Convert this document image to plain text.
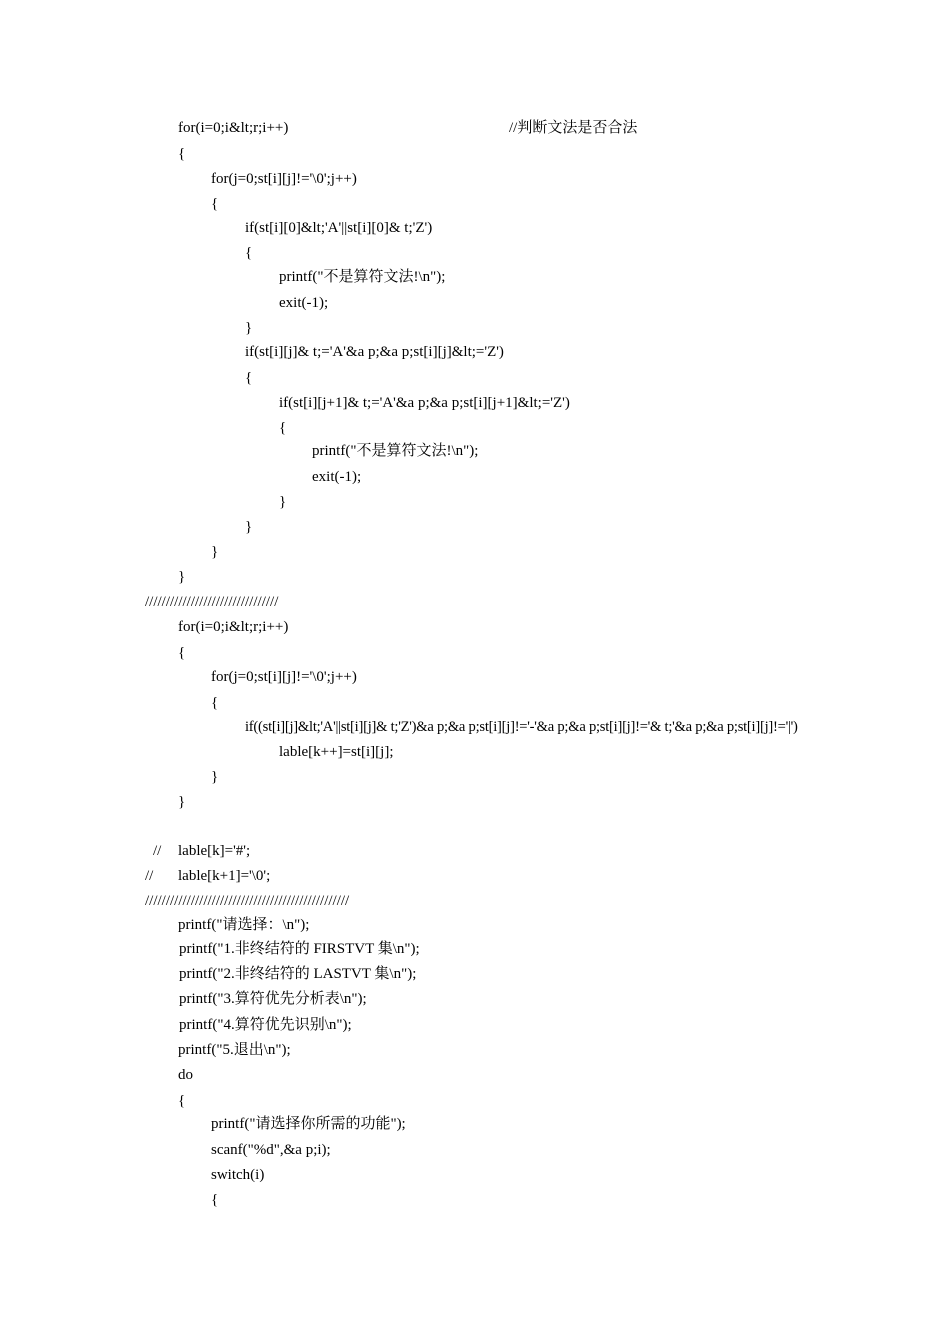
for(i=0;i&lt;r;i++)	//判断文法是否合法
{
for(j=0;st[i][j]!='\0';j++)
{
if(st[i][0]&lt;'A'||st[i][0]& t;'Z')
{
printf("不是算符文法!\n");
exit(-1);
}
if(st[i][j]& t;='A'&a p;&a p;st[i][j]&lt;='Z')
{
if(st[i][j+1]& t;='A'&a p;&a p;st[i][j+1]&lt;='Z')
{
printf("不是算符文法!\n");
exit(-1);
}
}
}
}
////////////////////////////////
for(i=0;i&lt;r;i++)
{
for(j=0;st[i][j]!='\0';j++)
{
if((st[i][j]&lt;'A'||st[i][j]& t;'Z')&a p;&a p;st[i][j]!='-'&a p;&a p;st[i][j]!='& t;'&a p;&a p;st[i][j]!='|')
lable[k++]=st[i][j];
}
}
// lable[k]='#';
// lable[k+1]='\0';
/////////////////////////////////////////////////
printf("请选择：\n");
printf("1.非终结符的 FIRSTVT 集\n");
printf("2.非终结符的 LASTVT 集\n");
printf("3.算符优先分析表\n");
printf("4.算符优先识别\n");
printf("5.退出\n");
do
{
printf("请选择你所需的功能");
scanf("%d",&a p;i);
switch(i)
{
